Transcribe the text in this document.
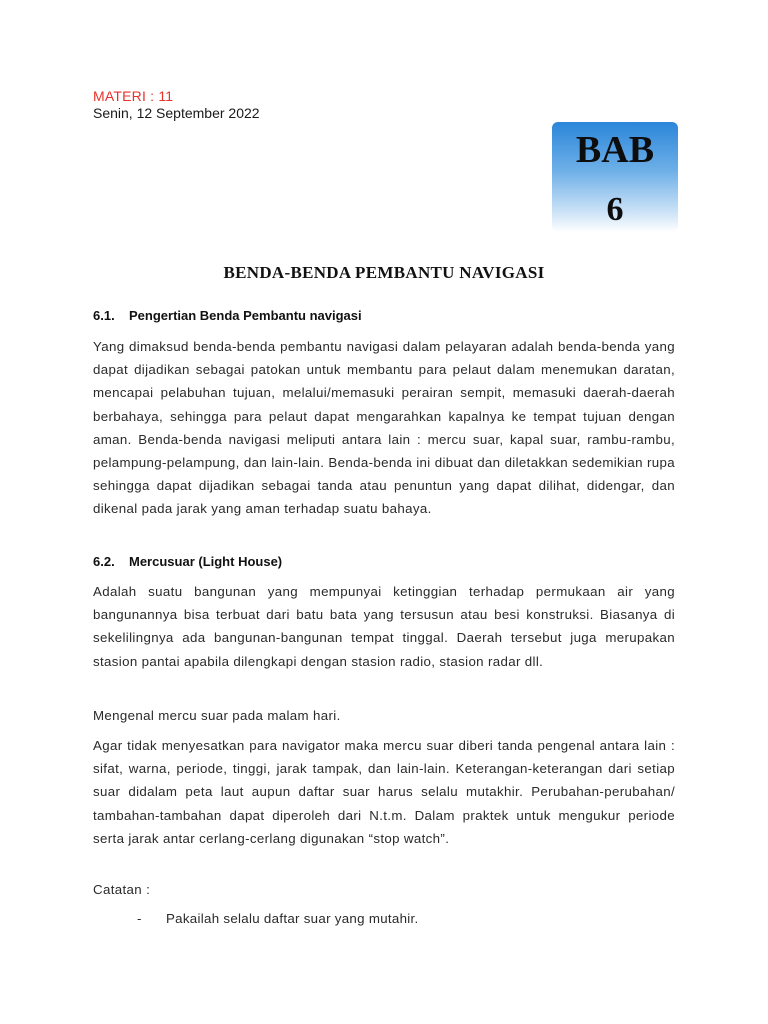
MATERI : 11
Senin, 12 September 2022
BAB
6
BENDA-BENDA PEMBANTU NAVIGASI
6.1. Pengertian Benda Pembantu navigasi
Yang dimaksud benda-benda pembantu navigasi dalam pelayaran adalah benda-benda yang dapat dijadikan sebagai patokan untuk membantu para pelaut dalam menemukan daratan, mencapai pelabuhan tujuan, melalui/memasuki perairan sempit, memasuki daerah-daerah berbahaya, sehingga para pelaut dapat mengarahkan kapalnya ke tempat tujuan dengan aman. Benda-benda navigasi meliputi antara lain : mercu suar, kapal suar, rambu-rambu, pelampung-pelampung, dan lain-lain. Benda-benda ini dibuat dan diletakkan sedemikian rupa sehingga dapat dijadikan sebagai tanda atau penuntun yang dapat dilihat, didengar, dan dikenal pada jarak yang aman terhadap suatu bahaya.
6.2. Mercusuar (Light House)
Adalah suatu bangunan yang mempunyai ketinggian terhadap permukaan air yang bangunannya bisa terbuat dari batu bata yang tersusun atau besi konstruksi. Biasanya di sekelilingnya ada bangunan-bangunan tempat tinggal. Daerah tersebut juga merupakan stasion pantai apabila dilengkapi dengan stasion radio, stasion radar dll.
Mengenal mercu suar pada malam hari.
Agar tidak menyesatkan para navigator maka mercu suar diberi tanda pengenal antara lain : sifat, warna, periode, tinggi, jarak tampak, dan lain-lain. Keterangan-keterangan dari setiap suar didalam peta laut aupun daftar suar harus selalu mutakhir. Perubahan-perubahan/ tambahan-tambahan dapat diperoleh dari N.t.m. Dalam praktek untuk mengukur periode serta jarak antar cerlang-cerlang digunakan “stop watch”.
Catatan :
- Pakailah selalu daftar suar yang mutahir.
